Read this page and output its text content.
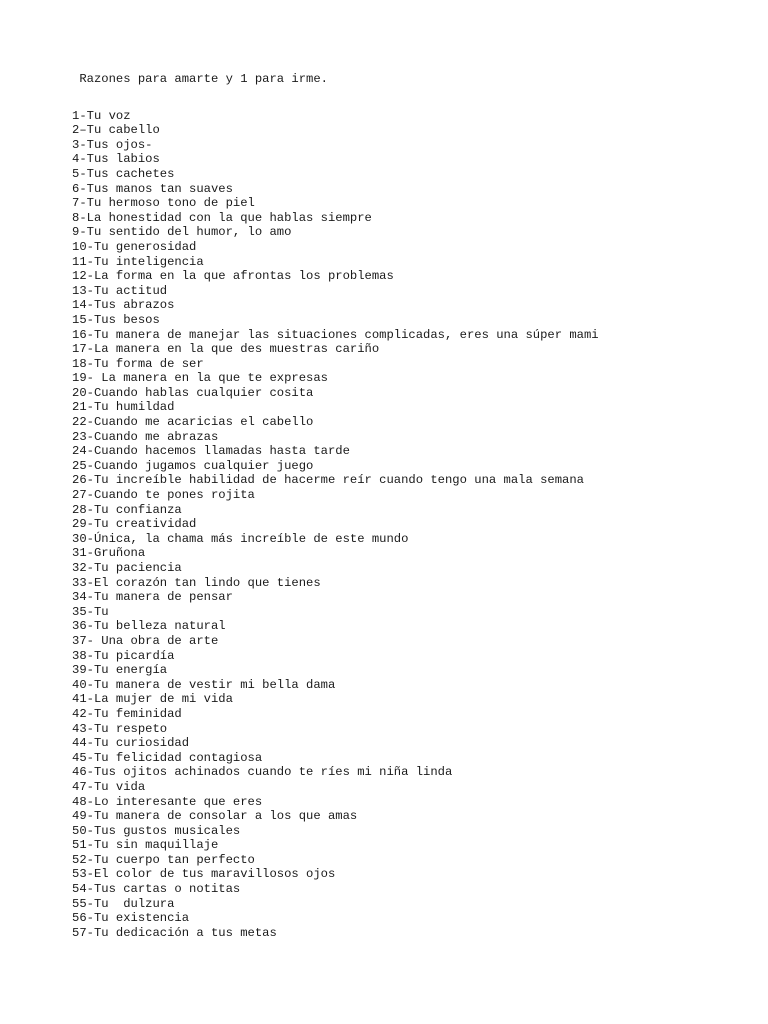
Razones para amarte y 1 para irme.
1-Tu voz
2–Tu cabello
3-Tus ojos-
4-Tus labios
5-Tus cachetes
6-Tus manos tan suaves
7-Tu hermoso tono de piel
8-La honestidad con la que hablas siempre
9-Tu sentido del humor, lo amo
10-Tu generosidad
11-Tu inteligencia
12-La forma en la que afrontas los problemas
13-Tu actitud
14-Tus abrazos
15-Tus besos
16-Tu manera de manejar las situaciones complicadas, eres una súper mami
17-La manera en la que des muestras cariño
18-Tu forma de ser
19- La manera en la que te expresas
20-Cuando hablas cualquier cosita
21-Tu humildad
22-Cuando me acaricias el cabello
23-Cuando me abrazas
24-Cuando hacemos llamadas hasta tarde
25-Cuando jugamos cualquier juego
26-Tu increíble habilidad de hacerme reír cuando tengo una mala semana
27-Cuando te pones rojita
28-Tu confianza
29-Tu creatividad
30-Única, la chama más increíble de este mundo
31-Gruñona
32-Tu paciencia
33-El corazón tan lindo que tienes
34-Tu manera de pensar
35-Tu
36-Tu belleza natural
37- Una obra de arte
38-Tu picardía
39-Tu energía
40-Tu manera de vestir mi bella dama
41-La mujer de mi vida
42-Tu feminidad
43-Tu respeto
44-Tu curiosidad
45-Tu felicidad contagiosa
46-Tus ojitos achinados cuando te ríes mi niña linda
47-Tu vida
48-Lo interesante que eres
49-Tu manera de consolar a los que amas
50-Tus gustos musicales
51-Tu sin maquillaje
52-Tu cuerpo tan perfecto
53-El color de tus maravillosos ojos
54-Tus cartas o notitas
55-Tu  dulzura
56-Tu existencia
57-Tu dedicación a tus metas
